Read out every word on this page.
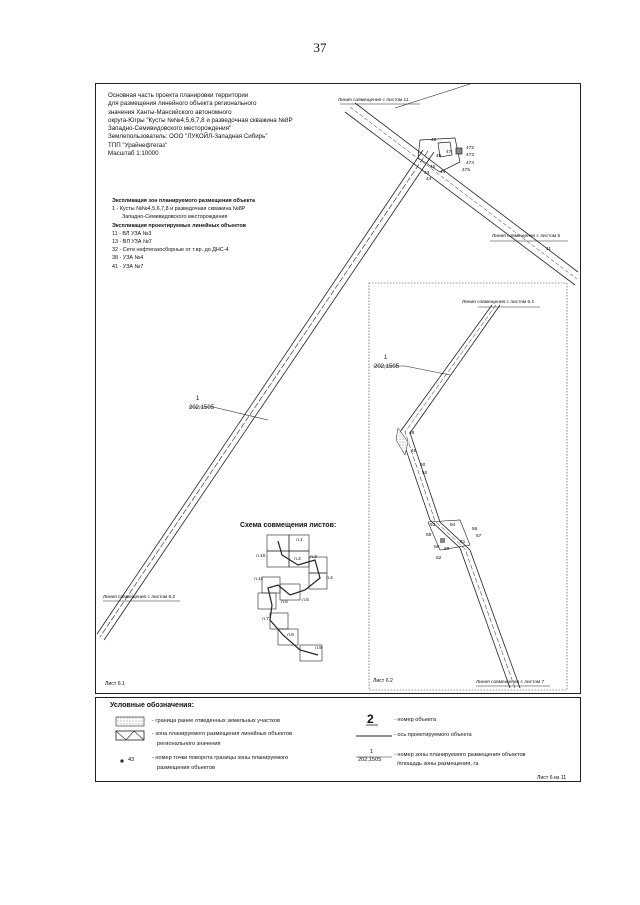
37
Основная часть проекта планировки территории
для размещения линейного объекта регионального
значения Ханты-Мансийского автономного
округа-Югры "Кусты №№4,5,6,7,8 и разведочная скважина №8Р
Западно-Семивидовского месторождения"
Землепользователь: ООО "ЛУКОЙЛ-Западная Сибирь"
ТПП "Урайнефтегаз"
Масштаб 1:10000
Экспликация зон планируемого размещения объекта
1 - Кусты №№4,5,6,7,8 и разведочная скважина №8Р
Западно-Семивидовского месторождения
Экспликация проектируемых линейных объектов
11 - ВЛ УЗА №3
13 - ВЛ УЗА №7
32 - Сети нефтегазосборные от т.вр. до ДНС-4
38 - УЗА №4
41 - УЗА №7
Линия совмещения с листом 11
Линия совмещения с листом 5
11
Линия совмещения с листом 6.2
Линия совмещения с листом 6.1
Линия совмещения с листом 7
Лист 6.1	Лист 6.2
1
202,1505
1
202,1505
472
473
474
475
46
47
48
45
43
44
44
48
49
50
52
53	54
56
57
58
59 60
61
62
Схема совмещения листов:
л.1
л.2 л.3
л.4
л.5
л.6
л.7
л.8
л.9
л.10
л.11
Условные обозначения:
- граница ранее отведенных земельных участков
- зона планируемого размещения линейных объектов
регионального значения
43	- номер точки поворота границы зоны планируемого
размещения объектов
2	- номер объекта
- ось проектируемого объекта
1
202,1505
- номер зоны планируемого размещения объектов
/площадь зоны размещения, га
Лист 6 из 11
